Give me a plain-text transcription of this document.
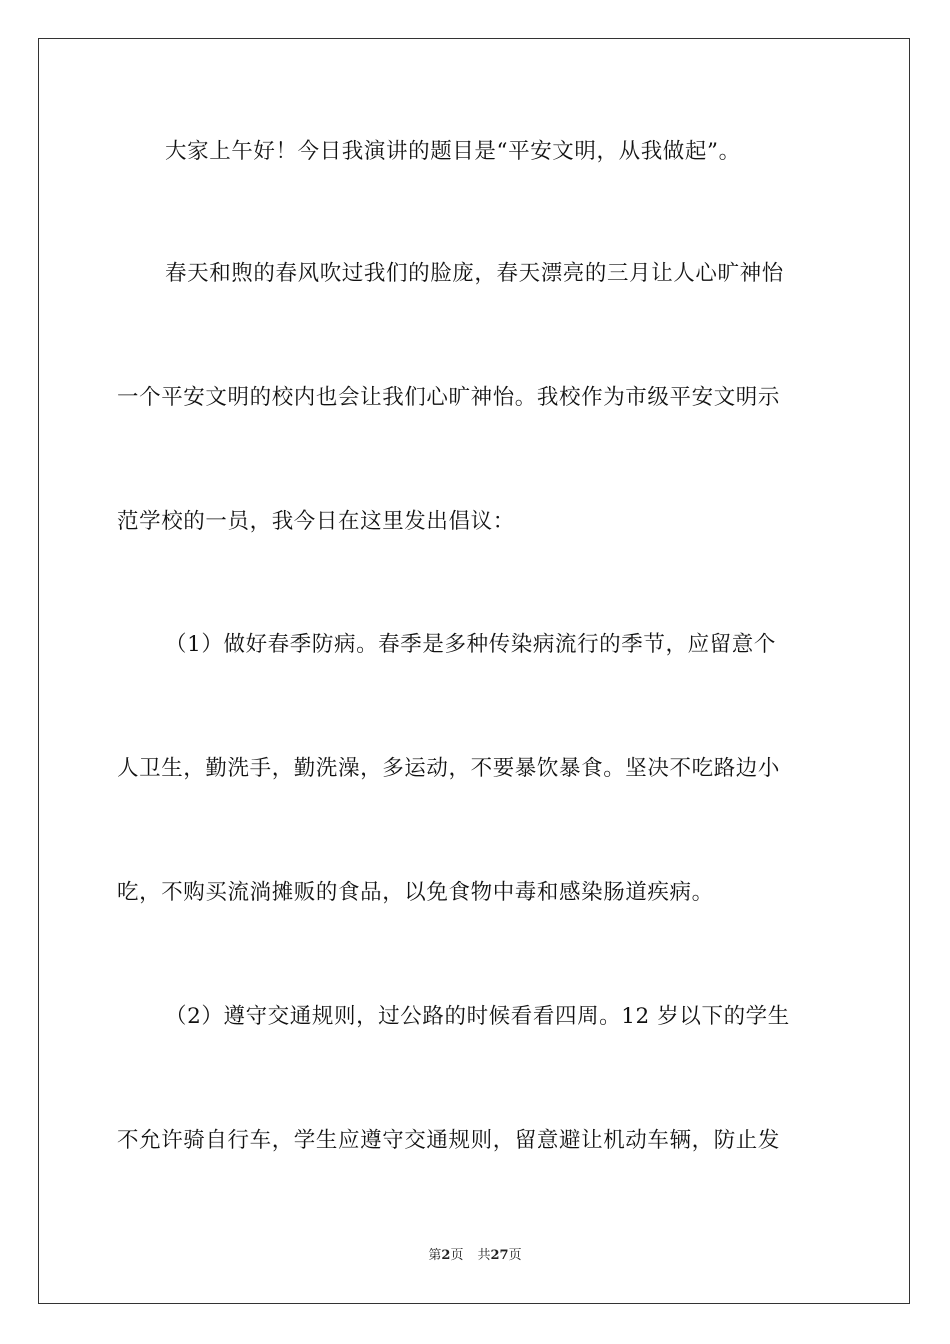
大家上午好！今日我演讲的题目是“平安文明，从我做起”。
春天和煦的春风吹过我们的脸庞，春天漂亮的三月让人心旷神怡
一个平安文明的校内也会让我们心旷神怡。我校作为市级平安文明示
范学校的一员，我今日在这里发出倡议：
（1）做好春季防病。春季是多种传染病流行的季节，应留意个
人卫生，勤洗手，勤洗澡，多运动，不要暴饮暴食。坚决不吃路边小
吃，不购买流淌摊贩的食品，以免食物中毒和感染肠道疾病。
（2）遵守交通规则，过公路的时候看看四周。12 岁以下的学生
不允许骑自行车，学生应遵守交通规则，留意避让机动车辆，防止发
第2页 共27页
